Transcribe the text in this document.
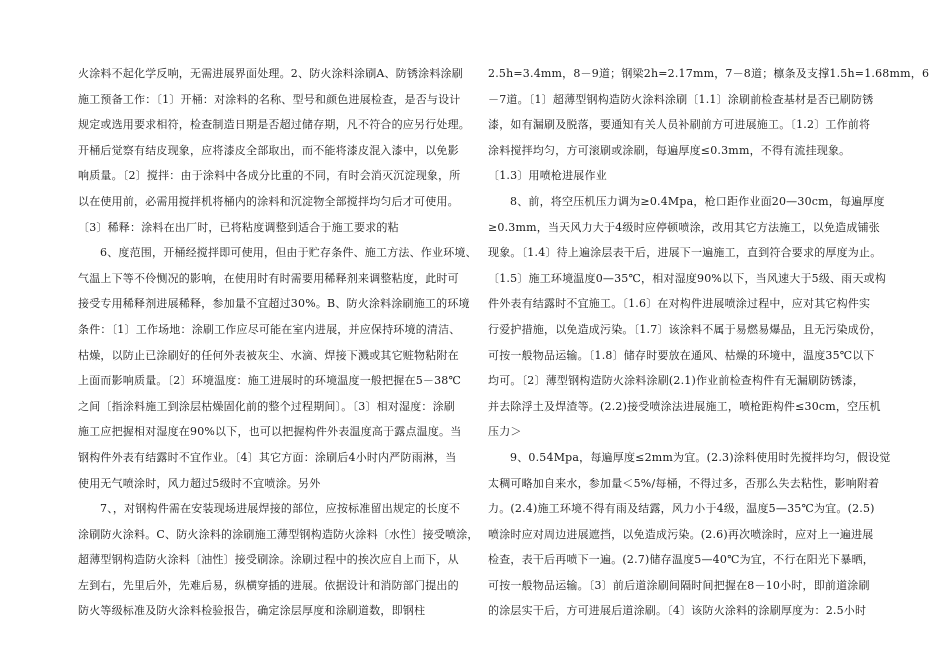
火涂料不起化学反响，无需进展界面处理。2、防火涂料涂刷A、防锈涂料涂刷
施工预备工作：〔1〕开桶：对涂料的名称、型号和颜色进展检查，是否与设计
规定或选用要求相符，检查制造日期是否超过储存期，凡不符合的应另行处理。
开桶后觉察有结皮现象，应将漆皮全部取出，而不能将漆皮混入漆中，以免影
响质量。〔2〕搅拌：由于涂料中各成分比重的不同，有时会消灭沉淀现象，所
以在使用前，必需用搅拌机将桶内的涂料和沉淀物全部搅拌均匀后才可使用。
〔3〕稀释：涂料在出厂时，已将粘度调整到适合于施工要求的粘
6、度范围，开桶经搅拌即可使用，但由于贮存条件、施工方法、作业环境、
气温上下等不伶恻况的影响，在使用时有时需要用稀释剂来调整粘度，此时可
接受专用稀释剂进展稀释，参加量不宜超过30%。B、防火涂料涂刷施工的环境
条件：〔1〕工作场地：涂刷工作应尽可能在室内进展，并应保持环境的清洁、
枯燥，以防止已涂刷好的任何外表被灰尘、水滴、焊接下溅或其它赃物粘附在
上面而影响质量。〔2〕环境温度：施工进展时的环境温度一般把握在5－38℃
之间〔指涂料施工到涂层枯燥固化前的整个过程期间〕。〔3〕相对湿度：涂刷
施工应把握相对湿度在90%以下，也可以把握构件外表温度高于露点温度。当
钢构件外表有结露时不宜作业。〔4〕其它方面：涂刷后4小时内严防雨淋，当
使用无气喷涂时，风力超过5级时不宜喷涂。另外
7、，对钢构件需在安装现场进展焊接的部位，应按标准留出规定的长度不
涂刷防火涂料。C、防火涂料的涂刷施工薄型钢构造防火涂料〔水性〕接受喷涂，
超薄型钢构造防火涂料〔油性〕接受刷涂。涂刷过程中的挨次应自上而下，从
左到右，先里后外，先难后易，纵横穿插的进展。依据设计和消防部门提出的
防火等级标准及防火涂料检验报告，确定涂层厚度和涂刷道数，即钢柱
2.5h=3.4mm，8－9道；钢梁2h=2.17mm，7－8道；檩条及支撑1.5h=1.68mm，6
－7道。〔1〕超薄型钢构造防火涂料涂刷〔1.1〕涂刷前检查基材是否已刷防锈
漆，如有漏刷及脱落，要通知有关人员补刷前方可进展施工。〔1.2〕工作前将
涂料搅拌均匀，方可滚刷或涂刷，每遍厚度≤0.3mm，不得有流挂现象。
〔1.3〕用喷枪进展作业
8、前，将空压机压力调为≥0.4Mpa，枪口距作业面20—30cm，每遍厚度
≥0.3mm，当天风力大于4级时应停顿喷涂，改用其它方法施工，以免造成铺张
现象。〔1.4〕待上遍涂层表干后，进展下一遍施工，直到符合要求的厚度为止。
〔1.5〕施工环境温度0—35℃，相对湿度90%以下，当风速大于5级、雨天或构
件外表有结露时不宜施工。〔1.6〕在对构件进展喷涂过程中，应对其它构件实
行爱护措施，以免造成污染。〔1.7〕该涂料不属于易燃易爆品，且无污染成份，
可按一般物品运输。〔1.8〕储存时要放在通风、枯燥的环境中，温度35℃以下
均可。〔2〕薄型钢构造防火涂料涂刷(2.1)作业前检查构件有无漏刷防锈漆，
并去除浮土及焊渣等。(2.2)接受喷涂法进展施工，喷枪距构件≤30cm，空压机
压力＞
9、0.54Mpa，每遍厚度≤2mm为宜。(2.3)涂料使用时先搅拌均匀，假设觉
太稠可略加自来水，参加量＜5%/每桶，不得过多，否那么失去粘性，影响附着
力。(2.4)施工环境不得有雨及结露，风力小于4级，温度5—35℃为宜。(2.5)
喷涂时应对周边进展遮挡，以免造成污染。(2.6)再次喷涂时，应对上一遍进展
检查，表干后再喷下一遍。(2.7)储存温度5—40℃为宜，不行在阳光下暴晒，
可按一般物品运输。〔3〕前后道涂刷间隔时间把握在8－10小时，即前道涂刷
的涂层实干后，方可进展后道涂刷。〔4〕该防火涂料的涂刷厚度为：2.5小时
